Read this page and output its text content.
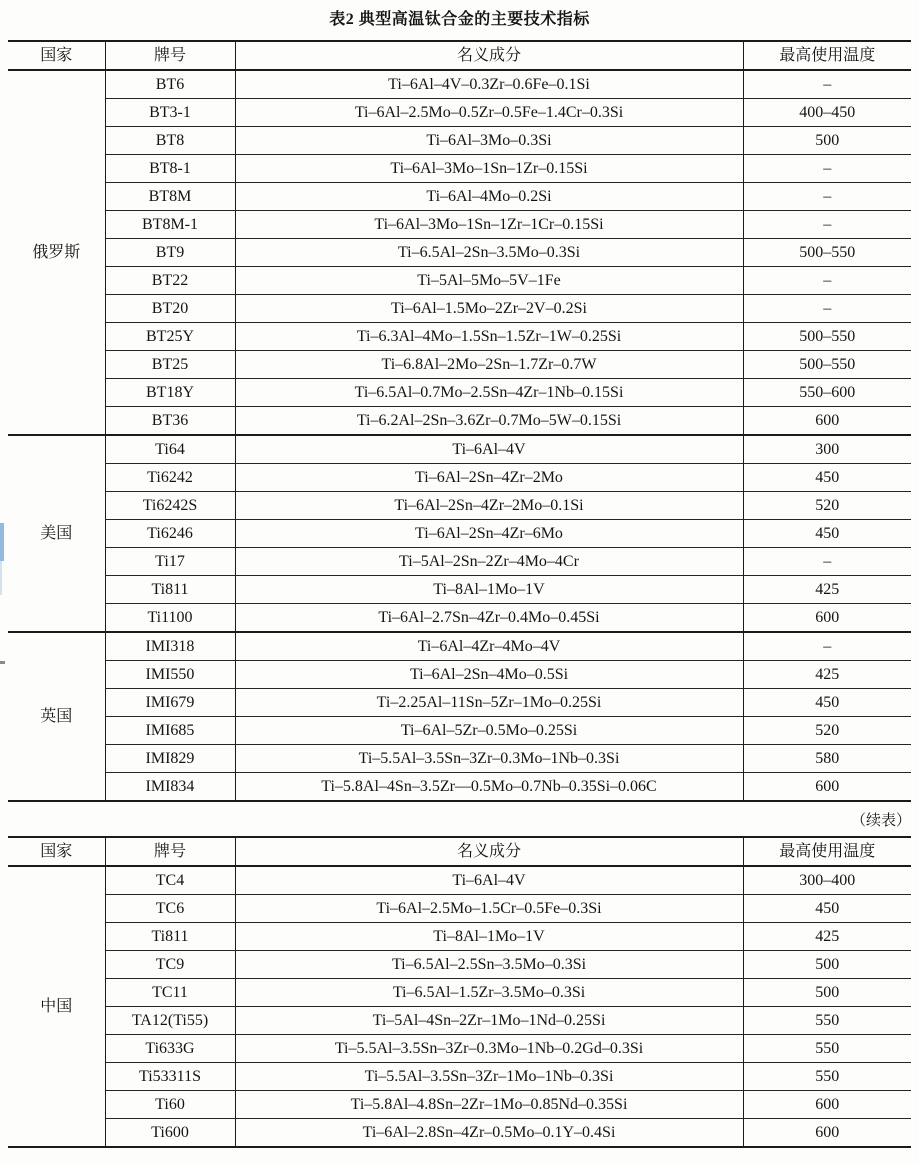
表2 典型高温钛合金的主要技术指标
国家	牌号	名义成分	最高使用温度
俄罗斯	BT6	Ti–6Al–4V–0.3Zr–0.6Fe–0.1Si	–
	BT3-1	Ti–6Al–2.5Mo–0.5Zr–0.5Fe–1.4Cr–0.3Si	400–450
	BT8	Ti–6Al–3Mo–0.3Si	500
	BT8-1	Ti–6Al–3Mo–1Sn–1Zr–0.15Si	–
	BT8M	Ti–6Al–4Mo–0.2Si	–
	BT8M-1	Ti–6Al–3Mo–1Sn–1Zr–1Cr–0.15Si	–
	BT9	Ti–6.5Al–2Sn–3.5Mo–0.3Si	500–550
	BT22	Ti–5Al–5Mo–5V–1Fe	–
	BT20	Ti–6Al–1.5Mo–2Zr–2V–0.2Si	–
	BT25Y	Ti–6.3Al–4Mo–1.5Sn–1.5Zr–1W–0.25Si	500–550
	BT25	Ti–6.8Al–2Mo–2Sn–1.7Zr–0.7W	500–550
	BT18Y	Ti–6.5Al–0.7Mo–2.5Sn–4Zr–1Nb–0.15Si	550–600
	BT36	Ti–6.2Al–2Sn–3.6Zr–0.7Mo–5W–0.15Si	600
美国	Ti64	Ti–6Al–4V	300
	Ti6242	Ti–6Al–2Sn–4Zr–2Mo	450
	Ti6242S	Ti–6Al–2Sn–4Zr–2Mo–0.1Si	520
	Ti6246	Ti–6Al–2Sn–4Zr–6Mo	450
	Ti17	Ti–5Al–2Sn–2Zr–4Mo–4Cr	–
	Ti811	Ti–8Al–1Mo–1V	425
	Ti1100	Ti–6Al–2.7Sn–4Zr–0.4Mo–0.45Si	600
英国	IMI318	Ti–6Al–4Zr–4Mo–4V	–
	IMI550	Ti–6Al–2Sn–4Mo–0.5Si	425
	IMI679	Ti–2.25Al–11Sn–5Zr–1Mo–0.25Si	450
	IMI685	Ti–6Al–5Zr–0.5Mo–0.25Si	520
	IMI829	Ti–5.5Al–3.5Sn–3Zr–0.3Mo–1Nb–0.3Si	580
	IMI834	Ti–5.8Al–4Sn–3.5Zr––0.5Mo–0.7Nb–0.35Si–0.06C	600
（续表）
国家	牌号	名义成分	最高使用温度
中国	TC4	Ti–6Al–4V	300–400
	TC6	Ti–6Al–2.5Mo–1.5Cr–0.5Fe–0.3Si	450
	Ti811	Ti–8Al–1Mo–1V	425
	TC9	Ti–6.5Al–2.5Sn–3.5Mo–0.3Si	500
	TC11	Ti–6.5Al–1.5Zr–3.5Mo–0.3Si	500
	TA12(Ti55)	Ti–5Al–4Sn–2Zr–1Mo–1Nd–0.25Si	550
	Ti633G	Ti–5.5Al–3.5Sn–3Zr–0.3Mo–1Nb–0.2Gd–0.3Si	550
	Ti53311S	Ti–5.5Al–3.5Sn–3Zr–1Mo–1Nb–0.3Si	550
	Ti60	Ti–5.8Al–4.8Sn–2Zr–1Mo–0.85Nd–0.35Si	600
	Ti600	Ti–6Al–2.8Sn–4Zr–0.5Mo–0.1Y–0.4Si	600
